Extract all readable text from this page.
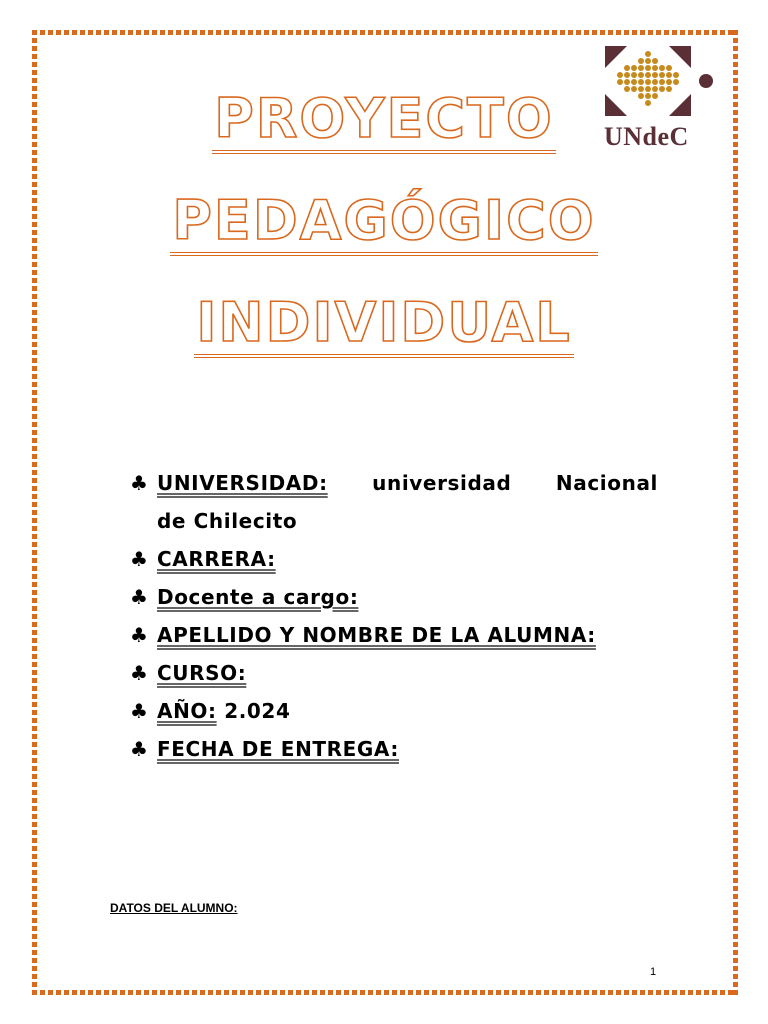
PROYECTO
PEDAGÓGICO
INDIVIDUAL
UNdeC
♣ UNIVERSIDAD: universidad Nacional
de Chilecito
♣ CARRERA:
♣ Docente a cargo:
♣ APELLIDO Y NOMBRE DE LA ALUMNA:
♣ CURSO:
♣ AÑO: 2.024
♣ FECHA DE ENTREGA:
DATOS DEL ALUMNO:
1
